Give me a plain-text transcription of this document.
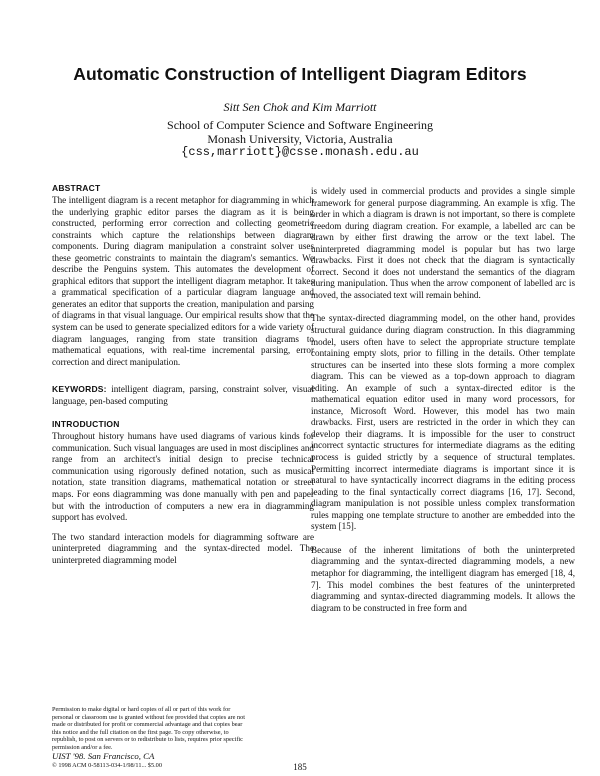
Automatic Construction of Intelligent Diagram Editors
Sitt Sen Chok and Kim Marriott
School of Computer Science and Software Engineering
Monash University, Victoria, Australia
{css,marriott}@csse.monash.edu.au
ABSTRACT

The intelligent diagram is a recent metaphor for diagramming in which the underlying graphic editor parses the diagram as it is being constructed, performing error correction and collecting geometric constraints which capture the relationships between diagram components. During diagram manipulation a constraint solver uses these geometric constraints to maintain the diagram's semantics. We describe the Penguins system. This automates the development of graphical editors that support the intelligent diagram metaphor. It takes a grammatical specification of a particular diagram language and generates an editor that supports the creation, manipulation and parsing of diagrams in that visual language. Our empirical results show that the system can be used to generate specialized editors for a wide variety of diagram languages, ranging from state transition diagrams to mathematical equations, with real-time incremental parsing, error correction and direct manipulation.

KEYWORDS: intelligent diagram, parsing, constraint solver, visual language, pen-based computing

INTRODUCTION

Throughout history humans have used diagrams of various kinds for communication. Such visual languages are used in most disciplines and range from an architect's initial design to precise technical communication using rigorously defined notation, such as musical notation, state transition diagrams, mathematical notation or street maps. For eons diagramming was done manually with pen and paper but with the introduction of computers a new era in diagramming support has evolved.

The two standard interaction models for diagramming software are uninterpreted diagramming and the syntax-directed model. The uninterpreted diagramming model

is widely used in commercial products and provides a single simple framework for general purpose diagramming. An example is xfig. The order in which a diagram is drawn is not important, so there is complete freedom during diagram creation. For example, a labelled arc can be drawn by either first drawing the arrow or the text label. The uninterpreted diagramming model is popular but has two large drawbacks. First it does not check that the diagram is syntactically correct. Second it does not understand the semantics of the diagram during manipulation. Thus when the arrow component of labelled arc is moved, the associated text will remain behind.

The syntax-directed diagramming model, on the other hand, provides structural guidance during diagram construction. In this diagramming model, users often have to select the appropriate structure template containing empty slots, prior to filling in the details. Other template structures can be inserted into these slots forming a more complex diagram. This can be viewed as a top-down approach to diagram editing. An example of such a syntax-directed editor is the mathematical equation editor used in many word processors, for instance, Microsoft Word. However, this model has two main drawbacks. First, users are restricted in the order in which they can develop their diagrams. It is impossible for the user to construct incorrect syntactic structures for intermediate diagrams as the editing process is guided strictly by a sequence of structural templates. Permitting incorrect intermediate diagrams is important since it is natural to have syntactically incorrect diagrams in the editing process leading to the final syntactically correct diagrams [16, 17]. Second, diagram manipulation is not possible unless complex transformation rules mapping one template structure to another are embedded into the system [15].

Because of the inherent limitations of both the uninterpreted diagramming and the syntax-directed diagramming models, a new metaphor for diagramming, the intelligent diagram has emerged [18, 4, 7]. This model combines the best features of the uninterpreted diagramming and syntax-directed diagramming models. It allows the diagram to be constructed in free form and

Permission to make digital or hard copies of all or part of this work for
personal or classroom use is granted without fee provided that copies are not
made or distributed for profit or commercial advantage and that copies bear
this notice and the full citation on the first page. To copy otherwise, to
republish, to post on servers or to redistribute to lists, requires prior specific
permission and/or a fee.
UIST '98. San Francisco, CA
© 1998 ACM 0-58113-034-1/98/11... $5.00	185
